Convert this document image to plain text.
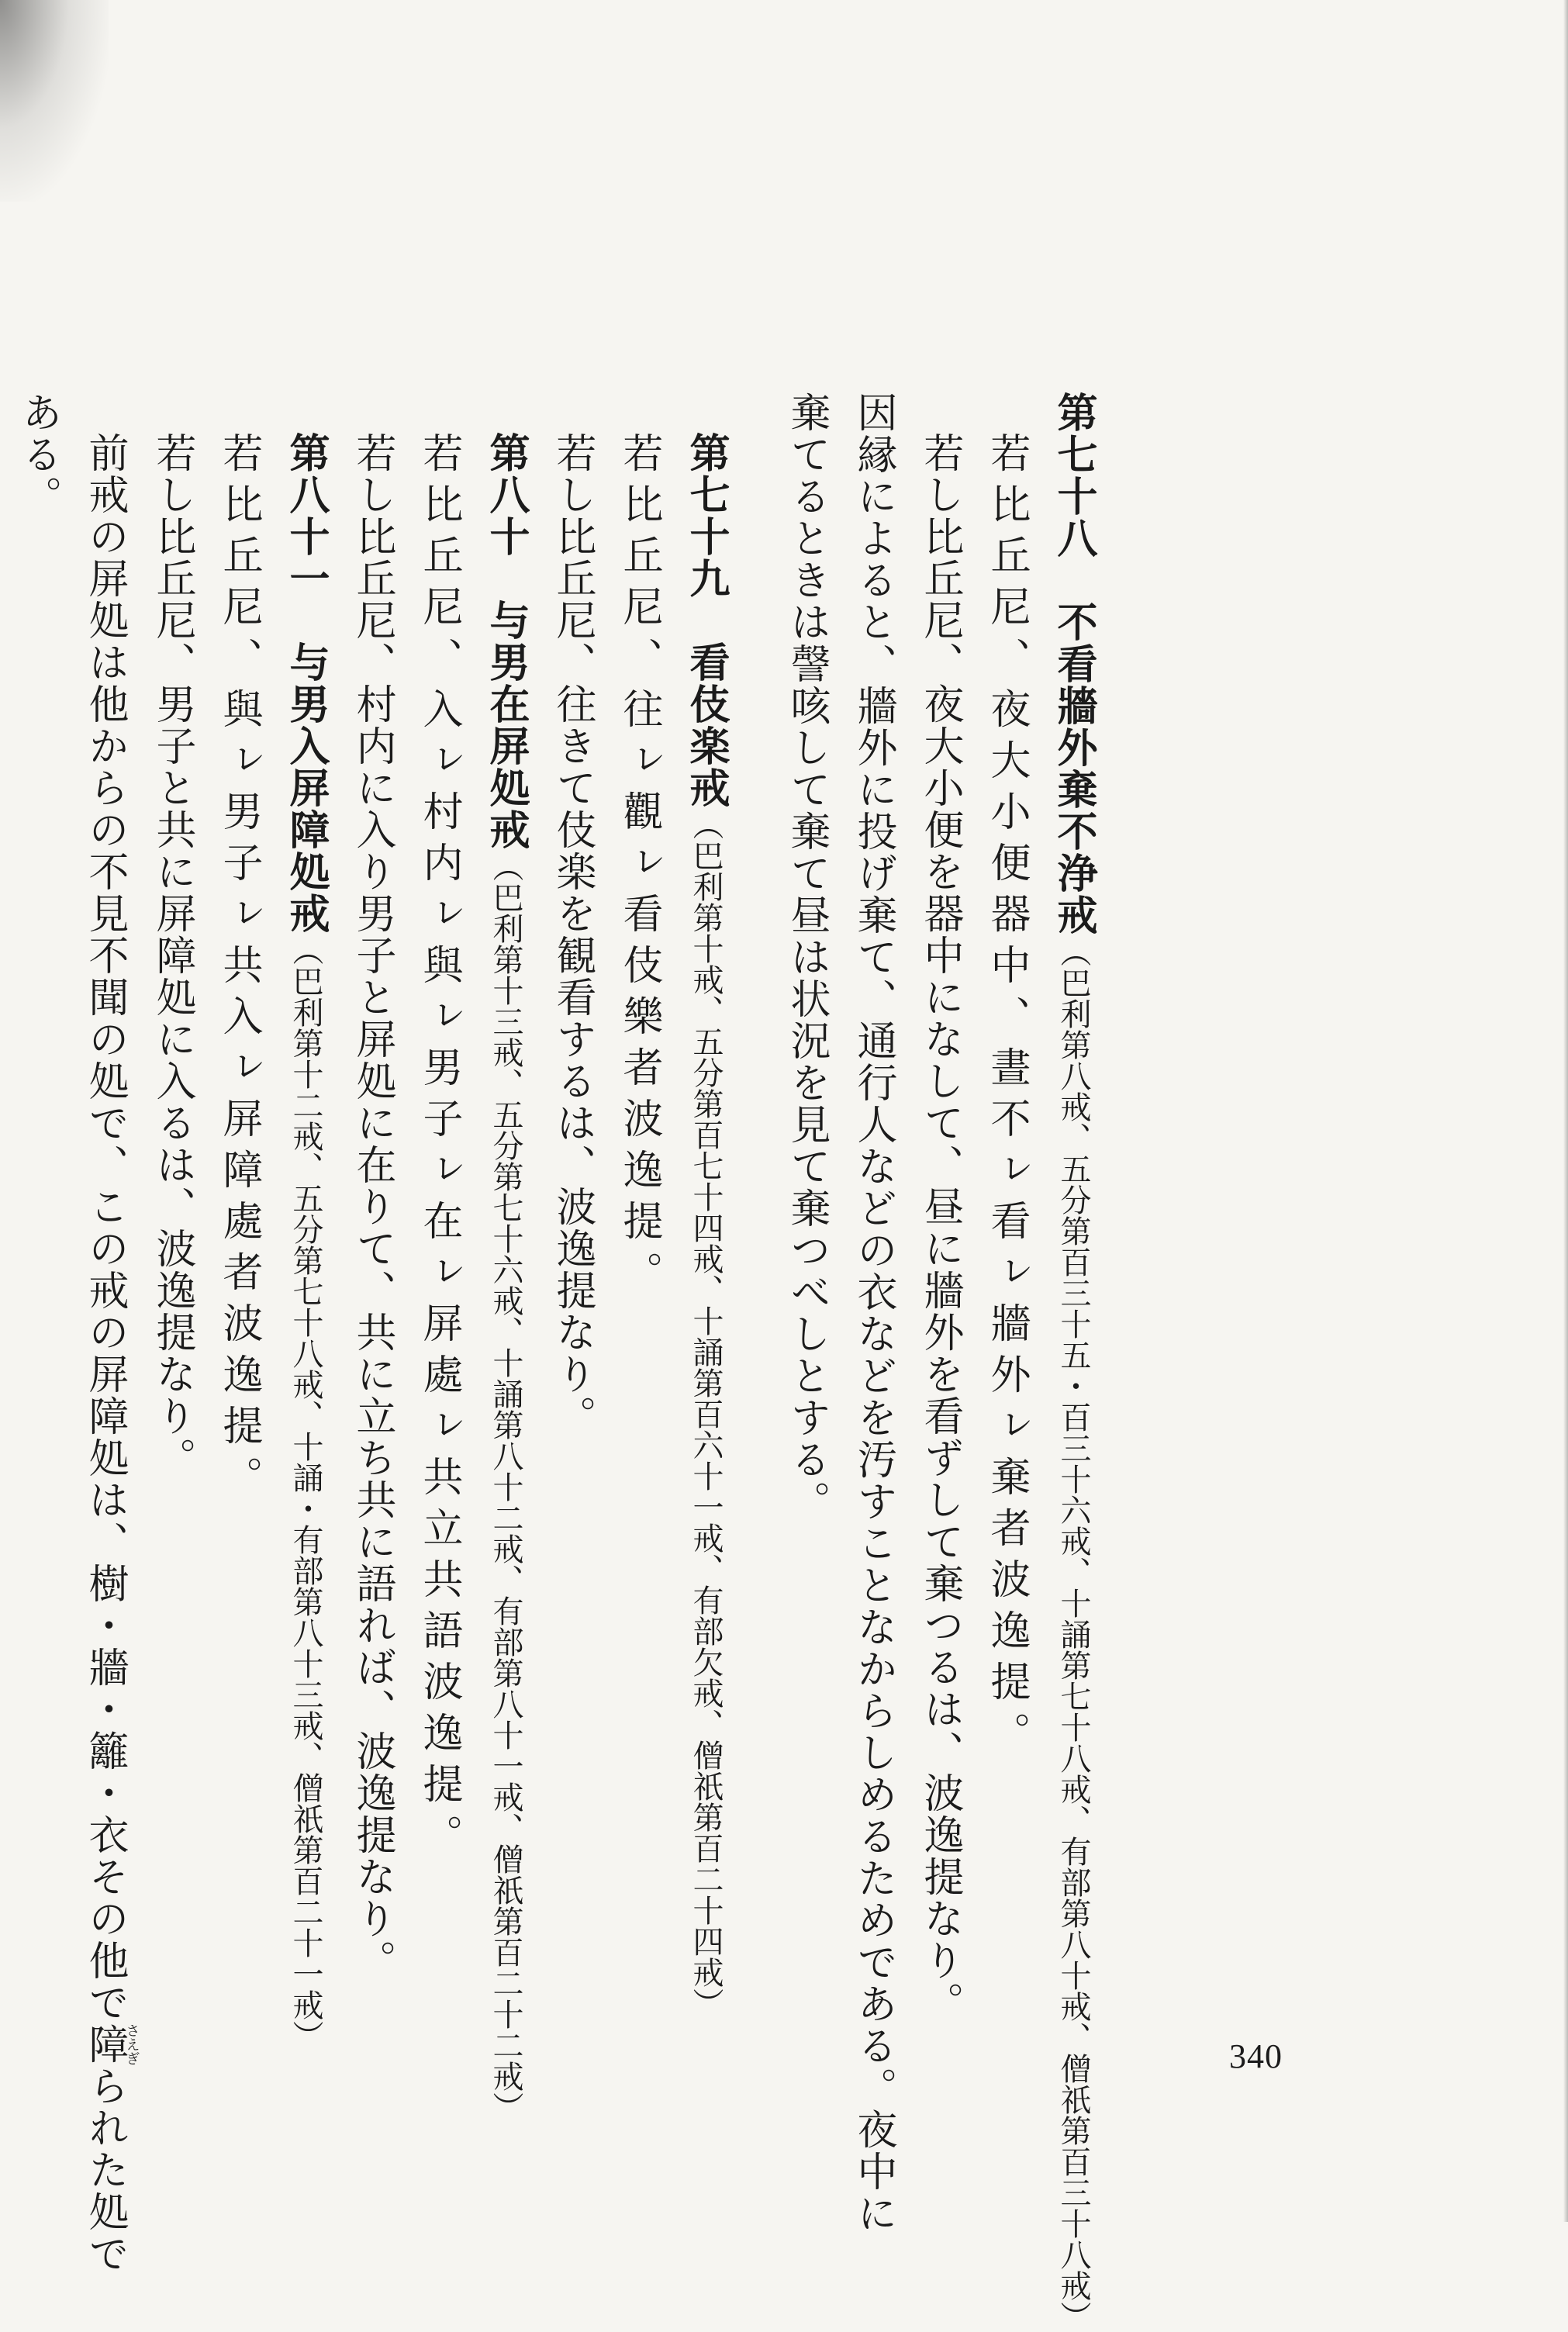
第七十八　不看牆外棄不浄戒（巴利第八戒、五分第百三十五・百三十六戒、十誦第七十八戒、有部第八十戒、僧祇第百三十八戒）
若比丘尼、夜大小便器中、晝不ㇾ看ㇾ牆外ㇾ棄者波逸提。
若し比丘尼、夜大小便を器中になして、昼に牆外を看ずして棄つるは、波逸提なり。
因縁によると、牆外に投げ棄て、通行人などの衣などを汚すことなからしめるためである。夜中に
棄てるときは謦咳して棄て昼は状況を見て棄つべしとする。
第七十九　看伎楽戒（巴利第十戒、五分第百七十四戒、十誦第百六十一戒、有部欠戒、僧祇第百二十四戒）
若比丘尼、往ㇾ觀ㇾ看伎樂者波逸提。
若し比丘尼、往きて伎楽を観看するは、波逸提なり。
第八十　与男在屏処戒（巴利第十三戒、五分第七十六戒、十誦第八十二戒、有部第八十一戒、僧祇第百二十二戒）
若比丘尼、入ㇾ村内ㇾ與ㇾ男子ㇾ在ㇾ屏處ㇾ共立共語波逸提。
若し比丘尼、村内に入り男子と屏処に在りて、共に立ち共に語れば、波逸提なり。
第八十一　与男入屏障処戒（巴利第十二戒、五分第七十八戒、十誦・有部第八十三戒、僧祇第百二十一戒）
若比丘尼、與ㇾ男子ㇾ共入ㇾ屏障處者波逸提。
若し比丘尼、男子と共に屏障処に入るは、波逸提なり。
前戒の屏処は他からの不見不聞の処で、この戒の屏障処は、樹・牆・籬・衣その他で障さえぎられた処で
ある。
340
